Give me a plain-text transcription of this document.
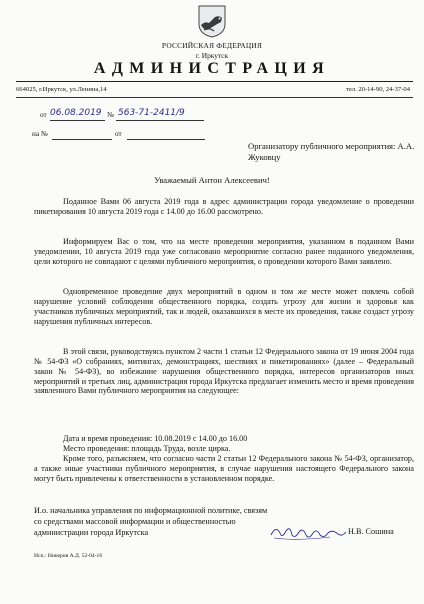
РОССИЙСКАЯ ФЕДЕРАЦИЯ
г. Иркутск
АДМИНИСТРАЦИЯ
664025, г.Иркутск, ул.Ленина,14	тел. 20-14-90, 24-37-04
от 06.08.2019 № 563-71-2411/9
на №	от
Организатору публичного мероприятия: А.А. Жуковцу
Уважаемый Антон Алексеевич!

Поданное Вами 06 августа 2019 года в адрес администрации города уведомление о проведении пикетирования 10 августа 2019 года с 14.00 до 16.00 рассмотрено.

Информируем Вас о том, что на месте проведения мероприятия, указанном в поданном Вами уведомлении, 10 августа 2019 года уже согласовано мероприятие согласно ранее поданного уведомления, цели которого не совпадают с целями публичного мероприятия, о проведении которого Вами заявлено.

Одновременное проведение двух мероприятий в одном и том же месте может повлечь собой нарушение условий соблюдения общественного порядка, создать угрозу для жизни и здоровья как участников публичных мероприятий, так и людей, оказавшихся в месте их проведения, также создаст угрозу нарушения публичных интересов.

В этой связи, руководствуясь пунктом 2 части 1 статьи 12 Федерального закона от 19 июня 2004 года № 54-ФЗ «О собраниях, митингах, демонстрациях, шествиях и пикетированиях» (далее – Федеральный закон № 54-ФЗ), во избежание нарушения общественного порядка, интересов организаторов иных мероприятий и третьих лиц, администрация города Иркутска предлагает изменить место и время проведения заявленного Вами публичного мероприятия на следующее:

Дата и время проведения: 10.08.2019 с 14.00 до 16.00

Место проведения: площадь Труда, возле цирка.

Кроме того, разъясняем, что согласно части 2 статьи 12 Федерального закона № 54-ФЗ, организатор, а также иные участники публичного мероприятия, в случае нарушения настоящего Федерального закона могут быть привлечены к ответственности в установленном порядке.

И.о. начальника управления по информационной политике, связям со средствами массовой информации и общественностью администрации города Иркутска	Н.В. Сошина
Исп.: Никеров А.Д. 52-04-16
